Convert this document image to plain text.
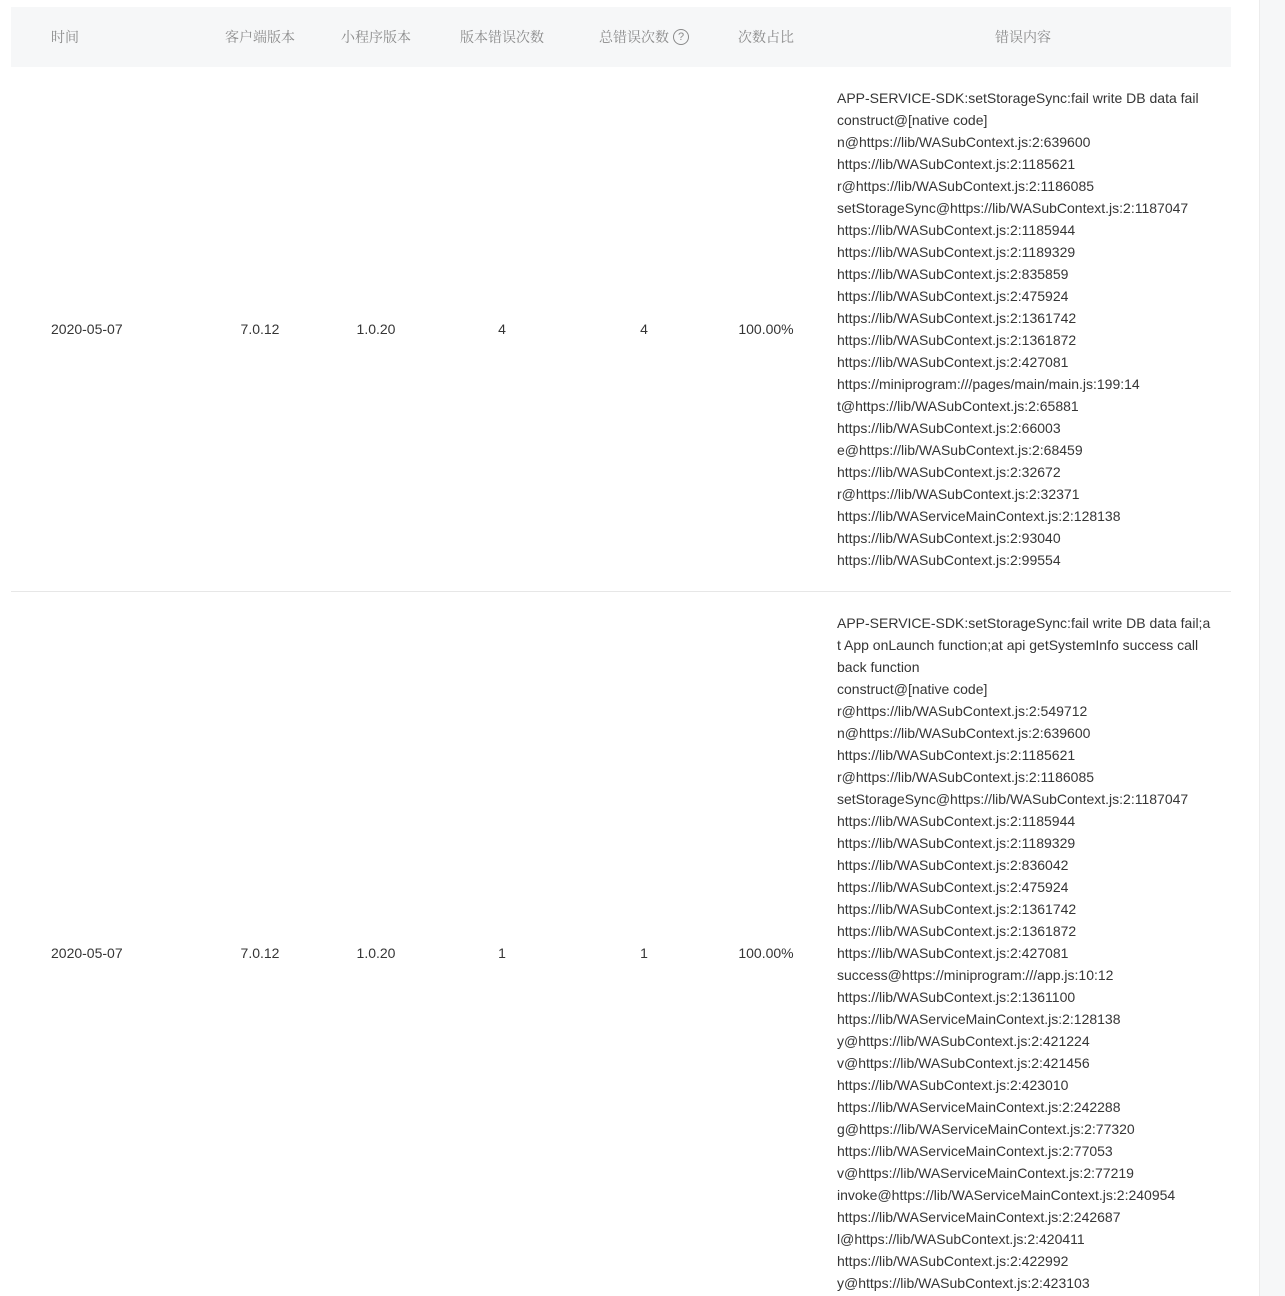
时间	客户端版本	小程序版本	版本错误次数	总错误次数 ?	次数占比	错误内容
2020-05-07	7.0.12	1.0.20	4	4	100.00%
APP-SERVICE-SDK:setStorageSync:fail write DB data fail
construct@[native code]
n@https://lib/WASubContext.js:2:639600
https://lib/WASubContext.js:2:1185621
r@https://lib/WASubContext.js:2:1186085
setStorageSync@https://lib/WASubContext.js:2:1187047
https://lib/WASubContext.js:2:1185944
https://lib/WASubContext.js:2:1189329
https://lib/WASubContext.js:2:835859
https://lib/WASubContext.js:2:475924
https://lib/WASubContext.js:2:1361742
https://lib/WASubContext.js:2:1361872
https://lib/WASubContext.js:2:427081
https://miniprogram:///pages/main/main.js:199:14
t@https://lib/WASubContext.js:2:65881
https://lib/WASubContext.js:2:66003
e@https://lib/WASubContext.js:2:68459
https://lib/WASubContext.js:2:32672
r@https://lib/WASubContext.js:2:32371
https://lib/WAServiceMainContext.js:2:128138
https://lib/WASubContext.js:2:93040
https://lib/WASubContext.js:2:99554
2020-05-07	7.0.12	1.0.20	1	1	100.00%
APP-SERVICE-SDK:setStorageSync:fail write DB data fail;a
t App onLaunch function;at api getSystemInfo success call
back function
construct@[native code]
r@https://lib/WASubContext.js:2:549712
n@https://lib/WASubContext.js:2:639600
https://lib/WASubContext.js:2:1185621
r@https://lib/WASubContext.js:2:1186085
setStorageSync@https://lib/WASubContext.js:2:1187047
https://lib/WASubContext.js:2:1185944
https://lib/WASubContext.js:2:1189329
https://lib/WASubContext.js:2:836042
https://lib/WASubContext.js:2:475924
https://lib/WASubContext.js:2:1361742
https://lib/WASubContext.js:2:1361872
https://lib/WASubContext.js:2:427081
success@https://miniprogram:///app.js:10:12
https://lib/WASubContext.js:2:1361100
https://lib/WAServiceMainContext.js:2:128138
y@https://lib/WASubContext.js:2:421224
v@https://lib/WASubContext.js:2:421456
https://lib/WASubContext.js:2:423010
https://lib/WAServiceMainContext.js:2:242288
g@https://lib/WAServiceMainContext.js:2:77320
https://lib/WAServiceMainContext.js:2:77053
v@https://lib/WAServiceMainContext.js:2:77219
invoke@https://lib/WAServiceMainContext.js:2:240954
https://lib/WAServiceMainContext.js:2:242687
l@https://lib/WASubContext.js:2:420411
https://lib/WASubContext.js:2:422992
y@https://lib/WASubContext.js:2:423103
